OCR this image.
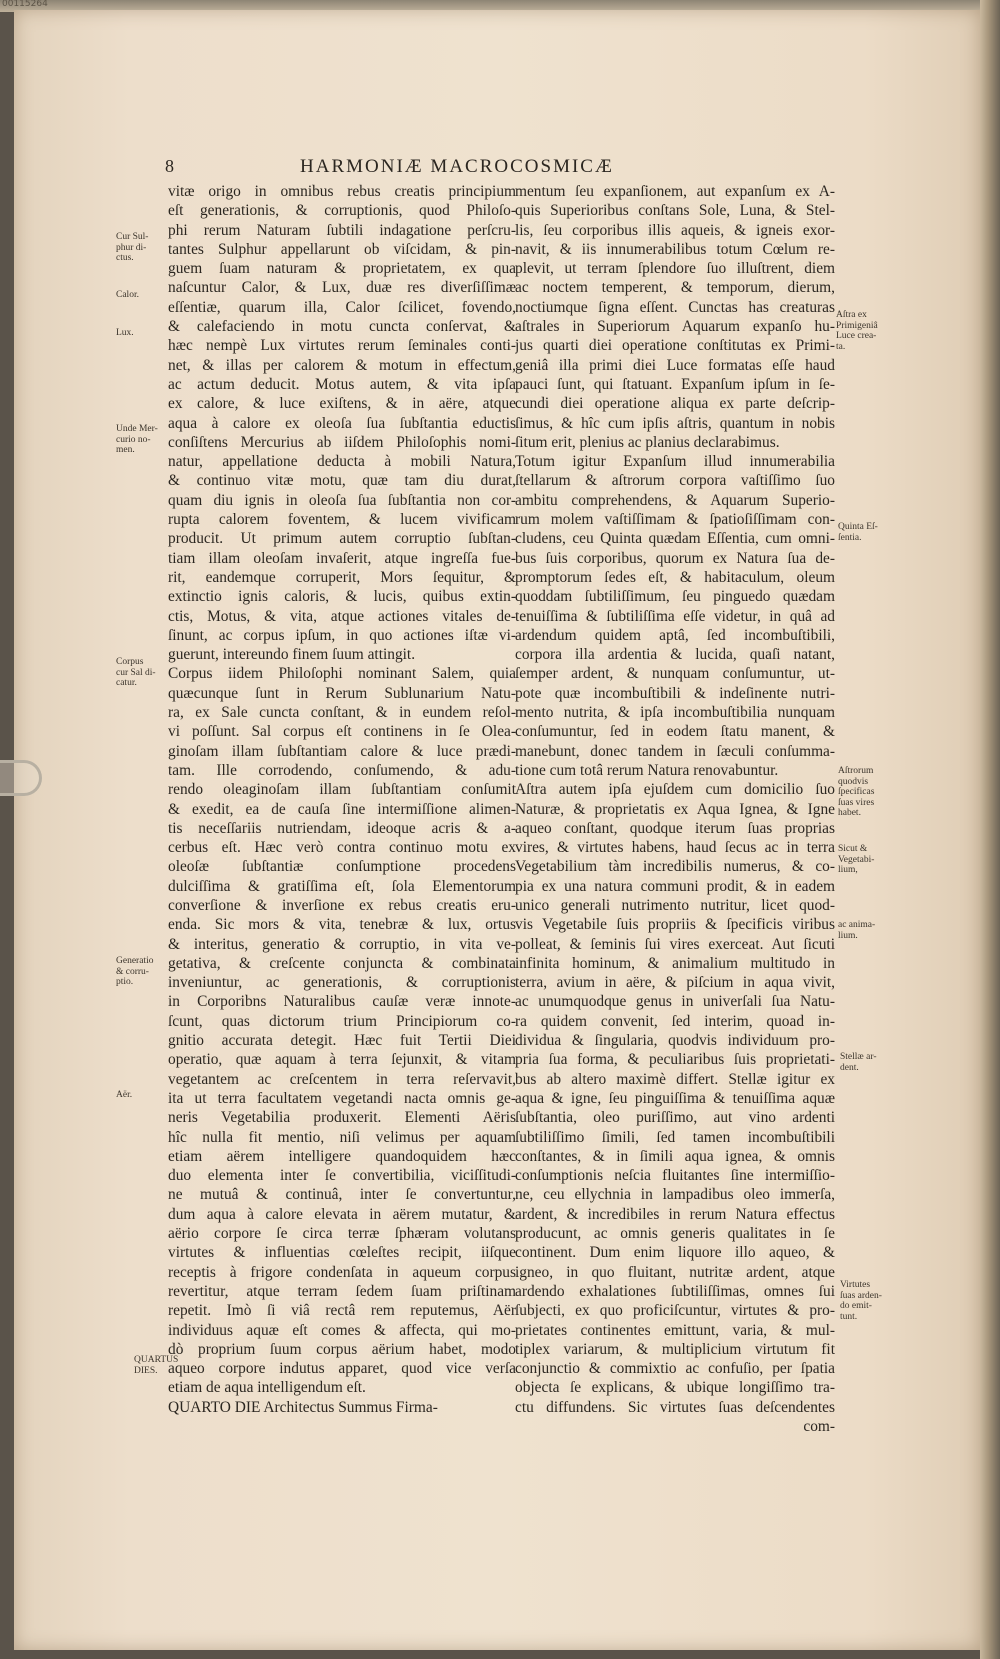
00115264
8	HARMONIÆ MACROCOSMICÆ
vitæ origo in omnibus rebus creatis principium
eſt generationis, & corruptionis, quod Philoſo-
phi rerum Naturam ſubtili indagatione perſcru-
tantes Sulphur appellarunt ob viſcidam, & pin-
guem ſuam naturam & proprietatem, ex qua
naſcuntur Calor, & Lux, duæ res diverſiſſimæ
eſſentiæ, quarum illa, Calor ſcilicet, fovendo,
& calefaciendo in motu cuncta conſervat, &
hæc nempè Lux virtutes rerum ſeminales conti-
net, & illas per calorem & motum in effectum,
ac actum deducit. Motus autem, & vita ipſa
ex calore, & luce exiſtens, & in aëre, atque
aqua à calore ex oleoſa ſua ſubſtantia eductis
conſiſtens Mercurius ab iiſdem Philoſophis nomi-
natur, appellatione deducta à mobili Natura,
& continuo vitæ motu, quæ tam diu durat,
quam diu ignis in oleoſa ſua ſubſtantia non cor-
rupta calorem foventem, & lucem vivificam
producit. Ut primum autem corruptio ſubſtan-
tiam illam oleoſam invaſerit, atque ingreſſa fue-
rit, eandemque corruperit, Mors ſequitur, &
extinctio ignis caloris, & lucis, quibus extin-
ctis, Motus, & vita, atque actiones vitales de-
ſinunt, ac corpus ipſum, in quo actiones iſtæ vi-
guerunt, intereundo finem ſuum attingit.
Corpus iidem Philoſophi nominant Salem, quia
quæcunque ſunt in Rerum Sublunarium Natu-
ra, ex Sale cuncta conſtant, & in eundem reſol-
vi poſſunt. Sal corpus eſt continens in ſe Olea-
ginoſam illam ſubſtantiam calore & luce prædi-
tam. Ille corrodendo, conſumendo, & adu-
rendo oleaginoſam illam ſubſtantiam conſumit
& exedit, ea de cauſa ſine intermiſſione alimen-
tis neceſſariis nutriendam, ideoque acris & a-
cerbus eſt. Hæc verò contra continuo motu ex
oleoſæ ſubſtantiæ conſumptione procedens
dulciſſima & gratiſſima eſt, ſola Elementorum
converſione & inverſione ex rebus creatis eru-
enda. Sic mors & vita, tenebræ & lux, ortus
& interitus, generatio & corruptio, in vita ve-
getativa, & creſcente conjuncta & combinata
inveniuntur, ac generationis, & corruptionis
in Corporibns Naturalibus cauſæ veræ innote-
ſcunt, quas dictorum trium Principiorum co-
gnitio accurata detegit. Hæc fuit Tertii Diei
operatio, quæ aquam à terra ſejunxit, & vitam
vegetantem ac creſcentem in terra reſervavit,
ita ut terra facultatem vegetandi nacta omnis ge-
neris Vegetabilia produxerit. Elementi Aëris
hîc nulla fit mentio, niſi velimus per aquam
etiam aërem intelligere quandoquidem hæc
duo elementa inter ſe convertibilia, viciſſitudi-
ne mutuâ & continuâ, inter ſe convertuntur,
dum aqua à calore elevata in aërem mutatur, &
aërio corpore ſe circa terræ ſphæram volutans
virtutes & influentias cœleſtes recipit, iiſque
receptis à frigore condenſata in aqueum corpus
revertitur, atque terram ſedem ſuam priſtinam
repetit. Imò ſi viâ rectâ rem reputemus, Aër
individuus aquæ eſt comes & affecta, qui mo-
dò proprium ſuum corpus aërium habet, modo
aqueo corpore indutus apparet, quod vice verſa
etiam de aqua intelligendum eſt.
QUARTO DIE Architectus Summus Firma-
mentum ſeu expanſionem, aut expanſum ex A-
quis Superioribus conſtans Sole, Luna, & Stel-
lis, ſeu corporibus illis aqueis, & igneis exor-
navit, & iis innumerabilibus totum Cœlum re-
plevit, ut terram ſplendore ſuo illuſtrent, diem
ac noctem temperent, & temporum, dierum,
noctiumque ſigna eſſent. Cunctas has creaturas
aſtrales in Superiorum Aquarum expanſo hu-
jus quarti diei operatione conſtitutas ex Primi-
geniâ illa primi diei Luce formatas eſſe haud
pauci ſunt, qui ſtatuant. Expanſum ipſum in ſe-
cundi diei operatione aliqua ex parte deſcrip-
ſimus, & hîc cum ipſis aſtris, quantum in nobis
ſitum erit, plenius ac planius declarabimus.
Totum igitur Expanſum illud innumerabilia
ſtellarum & aſtrorum corpora vaſtiſſimo ſuo
ambitu comprehendens, & Aquarum Superio-
rum molem vaſtiſſimam & ſpatioſiſſimam con-
cludens, ceu Quinta quædam Eſſentia, cum omni-
bus ſuis corporibus, quorum ex Natura ſua de-
promptorum ſedes eſt, & habitaculum, oleum
quoddam ſubtiliſſimum, ſeu pinguedo quædam
tenuiſſima & ſubtiliſſima eſſe videtur, in quâ ad
ardendum quidem aptâ, ſed incombuſtibili,
corpora illa ardentia & lucida, quaſi natant,
ſemper ardent, & nunquam conſumuntur, ut-
pote quæ incombuſtibili & indeſinente nutri-
mento nutrita, & ipſa incombuſtibilia nunquam
conſumuntur, ſed in eodem ſtatu manent, &
manebunt, donec tandem in ſæculi conſumma-
tione cum totâ rerum Natura renovabuntur.
Aſtra autem ipſa ejuſdem cum domicilio ſuo
Naturæ, & proprietatis ex Aqua Ignea, & Igne
aqueo conſtant, quodque iterum ſuas proprias
vires, & virtutes habens, haud ſecus ac in terra
Vegetabilium tàm incredibilis numerus, & co-
pia ex una natura communi prodit, & in eadem
unico generali nutrimento nutritur, licet quod-
vis Vegetabile ſuis propriis & ſpecificis viribus
polleat, & ſeminis ſui vires exerceat. Aut ſicuti
infinita hominum, & animalium multitudo in
terra, avium in aëre, & piſcium in aqua vivit,
ac unumquodque genus in univerſali ſua Natu-
ra quidem convenit, ſed interim, quoad in-
dividua & ſingularia, quodvis individuum pro-
pria ſua forma, & peculiaribus ſuis proprietati-
bus ab altero maximè differt. Stellæ igitur ex
aqua & igne, ſeu pinguiſſima & tenuiſſima aquæ
ſubſtantia, oleo puriſſimo, aut vino ardenti
ſubtiliſſimo ſimili, ſed tamen incombuſtibili
conſtantes, & in ſimili aqua ignea, & omnis
conſumptionis neſcia fluitantes ſine intermiſſio-
ne, ceu ellychnia in lampadibus oleo immerſa,
ardent, & incredibiles in rerum Natura effectus
producunt, ac omnis generis qualitates in ſe
continent. Dum enim liquore illo aqueo, &
igneo, in quo fluitant, nutritæ ardent, atque
ardendo exhalationes ſubtiliſſimas, omnes ſui
ſubjecti, ex quo proficiſcuntur, virtutes & pro-
prietates continentes emittunt, varia, & mul-
tiplex variarum, & multiplicium virtutum fit
conjunctio & commixtio ac confuſio, per ſpatia
objecta ſe explicans, & ubique longiſſimo tra-
ctu diffundens. Sic virtutes ſuas deſcendentes
com-
Cur Sul-
phur di-
ctus.
Calor.
Lux.
Unde Mer-
curio no-
men.
Corpus
cur Sal di-
catur.
Generatio
& corru-
ptio.
Aër.
QUARTUS
DIES.
Aſtra ex
Primigeniâ
Luce crea-
ta.
Quinta Eſ-
ſentia.
Aſtrorum
quodvis
ſpecificas
ſuas vires
habet.
Sicut &
Vegetabi-
lium,
ac anima-
lium.
Stellæ ar-
dent.
Virtutes
ſuas arden-
do emit-
tunt.
